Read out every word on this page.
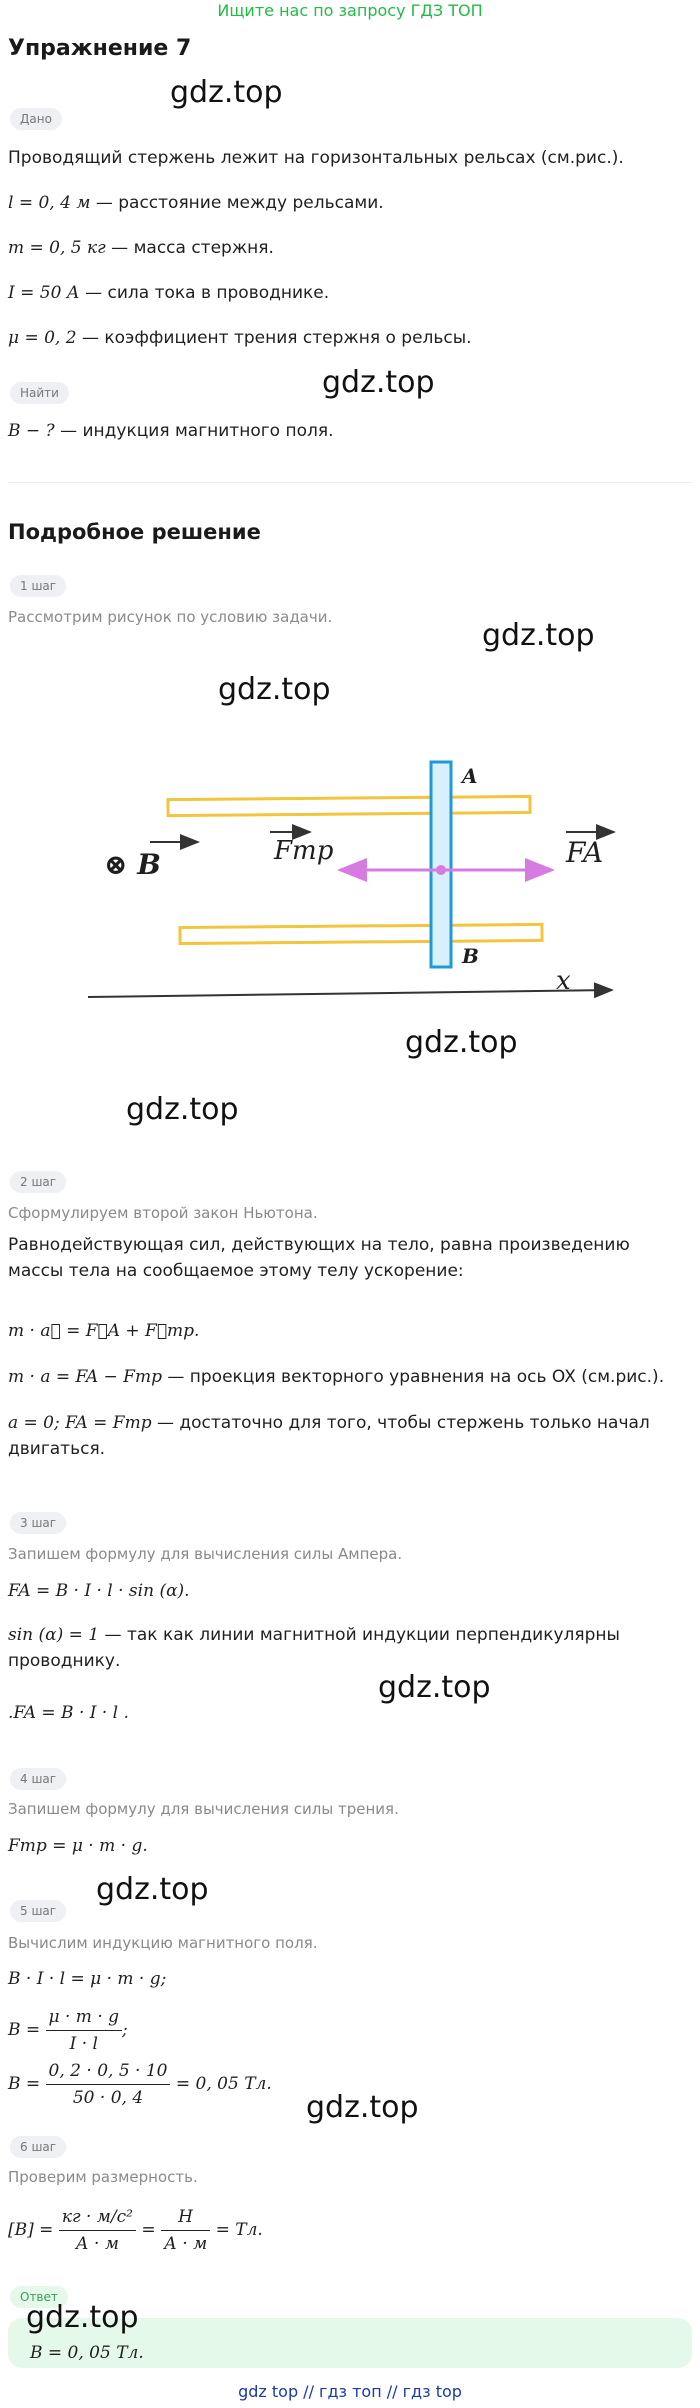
Ищите нас по запросу ГДЗ ТОП
Упражнение 7
gdz.top
Дано
Проводящий стержень лежит на горизонтальных рельсах (см.рис.).
l = 0, 4 м — расстояние между рельсами.
m = 0, 5 кг — масса стержня.
I = 50 А — сила тока в проводнике.
μ = 0, 2 — коэффициент трения стержня о рельсы.
Найти	gdz.top
B − ? — индукция магнитного поля.
Подробное решение
1 шаг
Рассмотрим рисунок по условию задачи.
gdz.top
gdz.top
A
B
⊗ B	Fтр	FA
x
gdz.top
gdz.top
2 шаг
Сформулируем второй закон Ньютона.
Равнодействующая сил, действующих на тело, равна произведению массы тела на сообщаемое этому телу ускорение:
m · a⃗ = F⃗A + F⃗тр.
m · a = FA − Fтр — проекция векторного уравнения на ось OX (см.рис.).
a = 0; FA = Fтр — достаточно для того, чтобы стержень только начал двигаться.
3 шаг
Запишем формулу для вычисления силы Ампера.
FA = B · I · l · sin (α).
sin (α) = 1 — так как линии магнитной индукции перпендикулярны проводнику.
gdz.top
.FA = B · I · l .
4 шаг
Запишем формулу для вычисления силы трения.
Fтр = μ · m · g.
gdz.top
5 шаг
Вычислим индукцию магнитного поля.
B · I · l = μ · m · g;
$B = \frac{\mu \cdot m \cdot g}{I \cdot l}$ ;
$B = \frac{0, 2 \cdot 0, 5 \cdot 10}{50 \cdot 0, 4} = 0$, 05 Тл.
gdz.top
6 шаг
Проверим размерность.
$[B] = \frac{\text{кг · м/с²}}{А \cdot м} = \frac{Н}{А \cdot м}$ = Тл.
Ответ
gdz.top
B = 0, 05 Тл.
gdz top // гдз топ // гдз top
